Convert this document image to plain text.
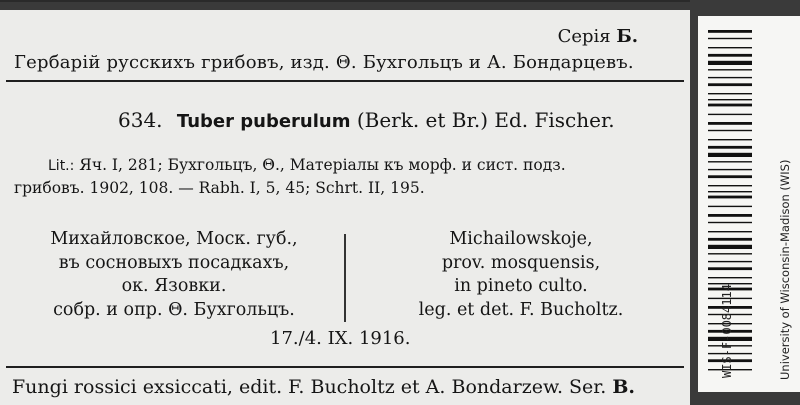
Серія Б.
Гербарій русскихъ грибовъ, изд. Θ. Бухгольцъ и А. Бондарцевъ.
634. Tuber puberulum (Berk. et Br.) Ed. Fischer.
Lit.: Яч. I, 281; Бухгольцъ, Θ., Матеріалы къ морф. и сист. подз.
грибовъ. 1902, 108. — Rabh. I, 5, 45; Schrt. II, 195.
Михайловское, Моск. губ.,
въ сосновыхъ посадкахъ,
ок. Язовки.
собр. и опр. Θ. Бухгольцъ.
Michailowskoje,
prov. mosquensis,
in pineto culto.
leg. et det. F. Bucholtz.
17./4. IX. 1916.
Fungi rossici exsiccati, edit. F. Bucholtz et A. Bondarzew. Ser. B.
WIS-F-0084114	University of Wisconsin-Madison (WIS)
